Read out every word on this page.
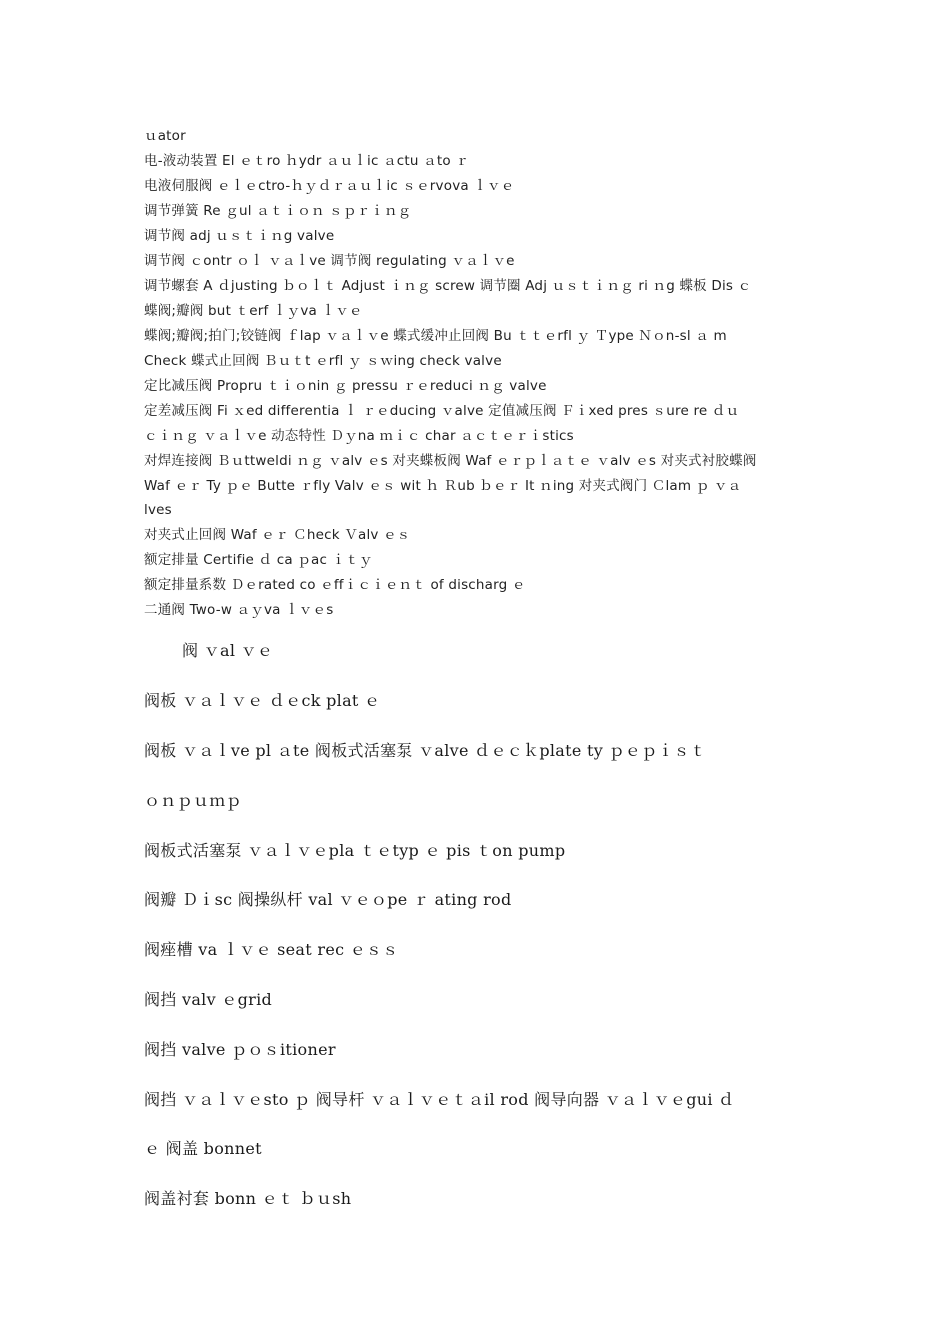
ｕator
电-液动装置 El ｅｔro ｈydr ａｕｌic ａctu ａto ｒ
电液伺服阀 ｅｌｅctro-ｈｙｄｒａｕｌic ｓｅrvova ｌｖｅ
调节弹簧 Re ｇul ａｔｉｏｎ ｓｐｒｉｎｇ
调节阀 adj ｕｓｔｉｎg valve
调节阀 ｃontr ｏｌ ｖａｌve 调节阀 regulating ｖａｌｖe
调节螺套 A ｄjusting ｂｏｌｔ Adjust ｉｎｇ screw 调节圈 Adj ｕｓｔｉｎｇ ri ｎg 蝶板 Dis ｃ
蝶阀;瓣阀 but ｔerf ｌｙva ｌｖｅ
蝶阀;瓣阀;拍门;铰链阀 ｆlap ｖａｌｖe 蝶式缓冲止回阀 Bu ｔｔｅrfl ｙ Ｔype Ｎｏn-sl ａ m
Check 蝶式止回阀 Ｂｕｔt ｅrfl ｙ ｓｗing check valve
定比减压阀 Propru ｔｉｏnin ｇ pressu ｒｅreduci ｎｇ valve
定差减压阀 Fi ｘed differentia ｌ ｒｅducing ｖalve 定值减压阀 Ｆｉxed pres ｓure re ｄｕ
ｃｉｎｇ ｖａｌｖe 动态特性 Ｄｙna ｍｉｃ char ａｃｔｅｒｉstics
对焊连接阀 Ｂｕttweldi ｎｇ ｖalv ｅs 对夹蝶板阀 Waf ｅｒｐｌａｔｅ ｖalv ｅs 对夹式衬胶蝶阀
Waf ｅｒ Ty ｐｅ Butte ｒfly Valv ｅｓ wit ｈ Ｒub ｂｅｒ It ｎing 对夹式阀门 Ｃlam ｐ ｖａ
lves
对夹式止回阀 Waf ｅｒ Ｃheck Ｖalv ｅｓ
额定排量 Certifie ｄ ca ｐac ｉｔｙ
额定排量系数 Ｄｅrated co ｅffｉｃｉｅｎｔ of discharg ｅ
二通阀 Two-w ａｙva ｌｖｅs
阀 ｖal ｖｅ
阀板 ｖａｌｖｅ ｄｅck plat ｅ
阀板 ｖａｌve pl ａte 阀板式活塞泵 ｖalve ｄｅｃｋplate ty ｐｅｐｉｓｔ
ｏｎｐｕｍｐ
阀板式活塞泵 ｖａｌｖｅpla ｔｅtyp ｅ pis ｔon pump
阀瓣 Ｄｉsc 阀操纵杆 val ｖｅｏpe ｒ ating rod
阀痤槽 va ｌｖｅ seat rec ｅｓｓ
阀挡 valv ｅgrid
阀挡 valve ｐｏｓitioner
阀挡 ｖａｌｖｅsto ｐ 阀导杆 ｖａｌｖｅｔａil rod 阀导向器 ｖａｌｖｅgui ｄ
ｅ 阀盖 bonnet
阀盖衬套 bonn ｅｔ ｂｕsh
